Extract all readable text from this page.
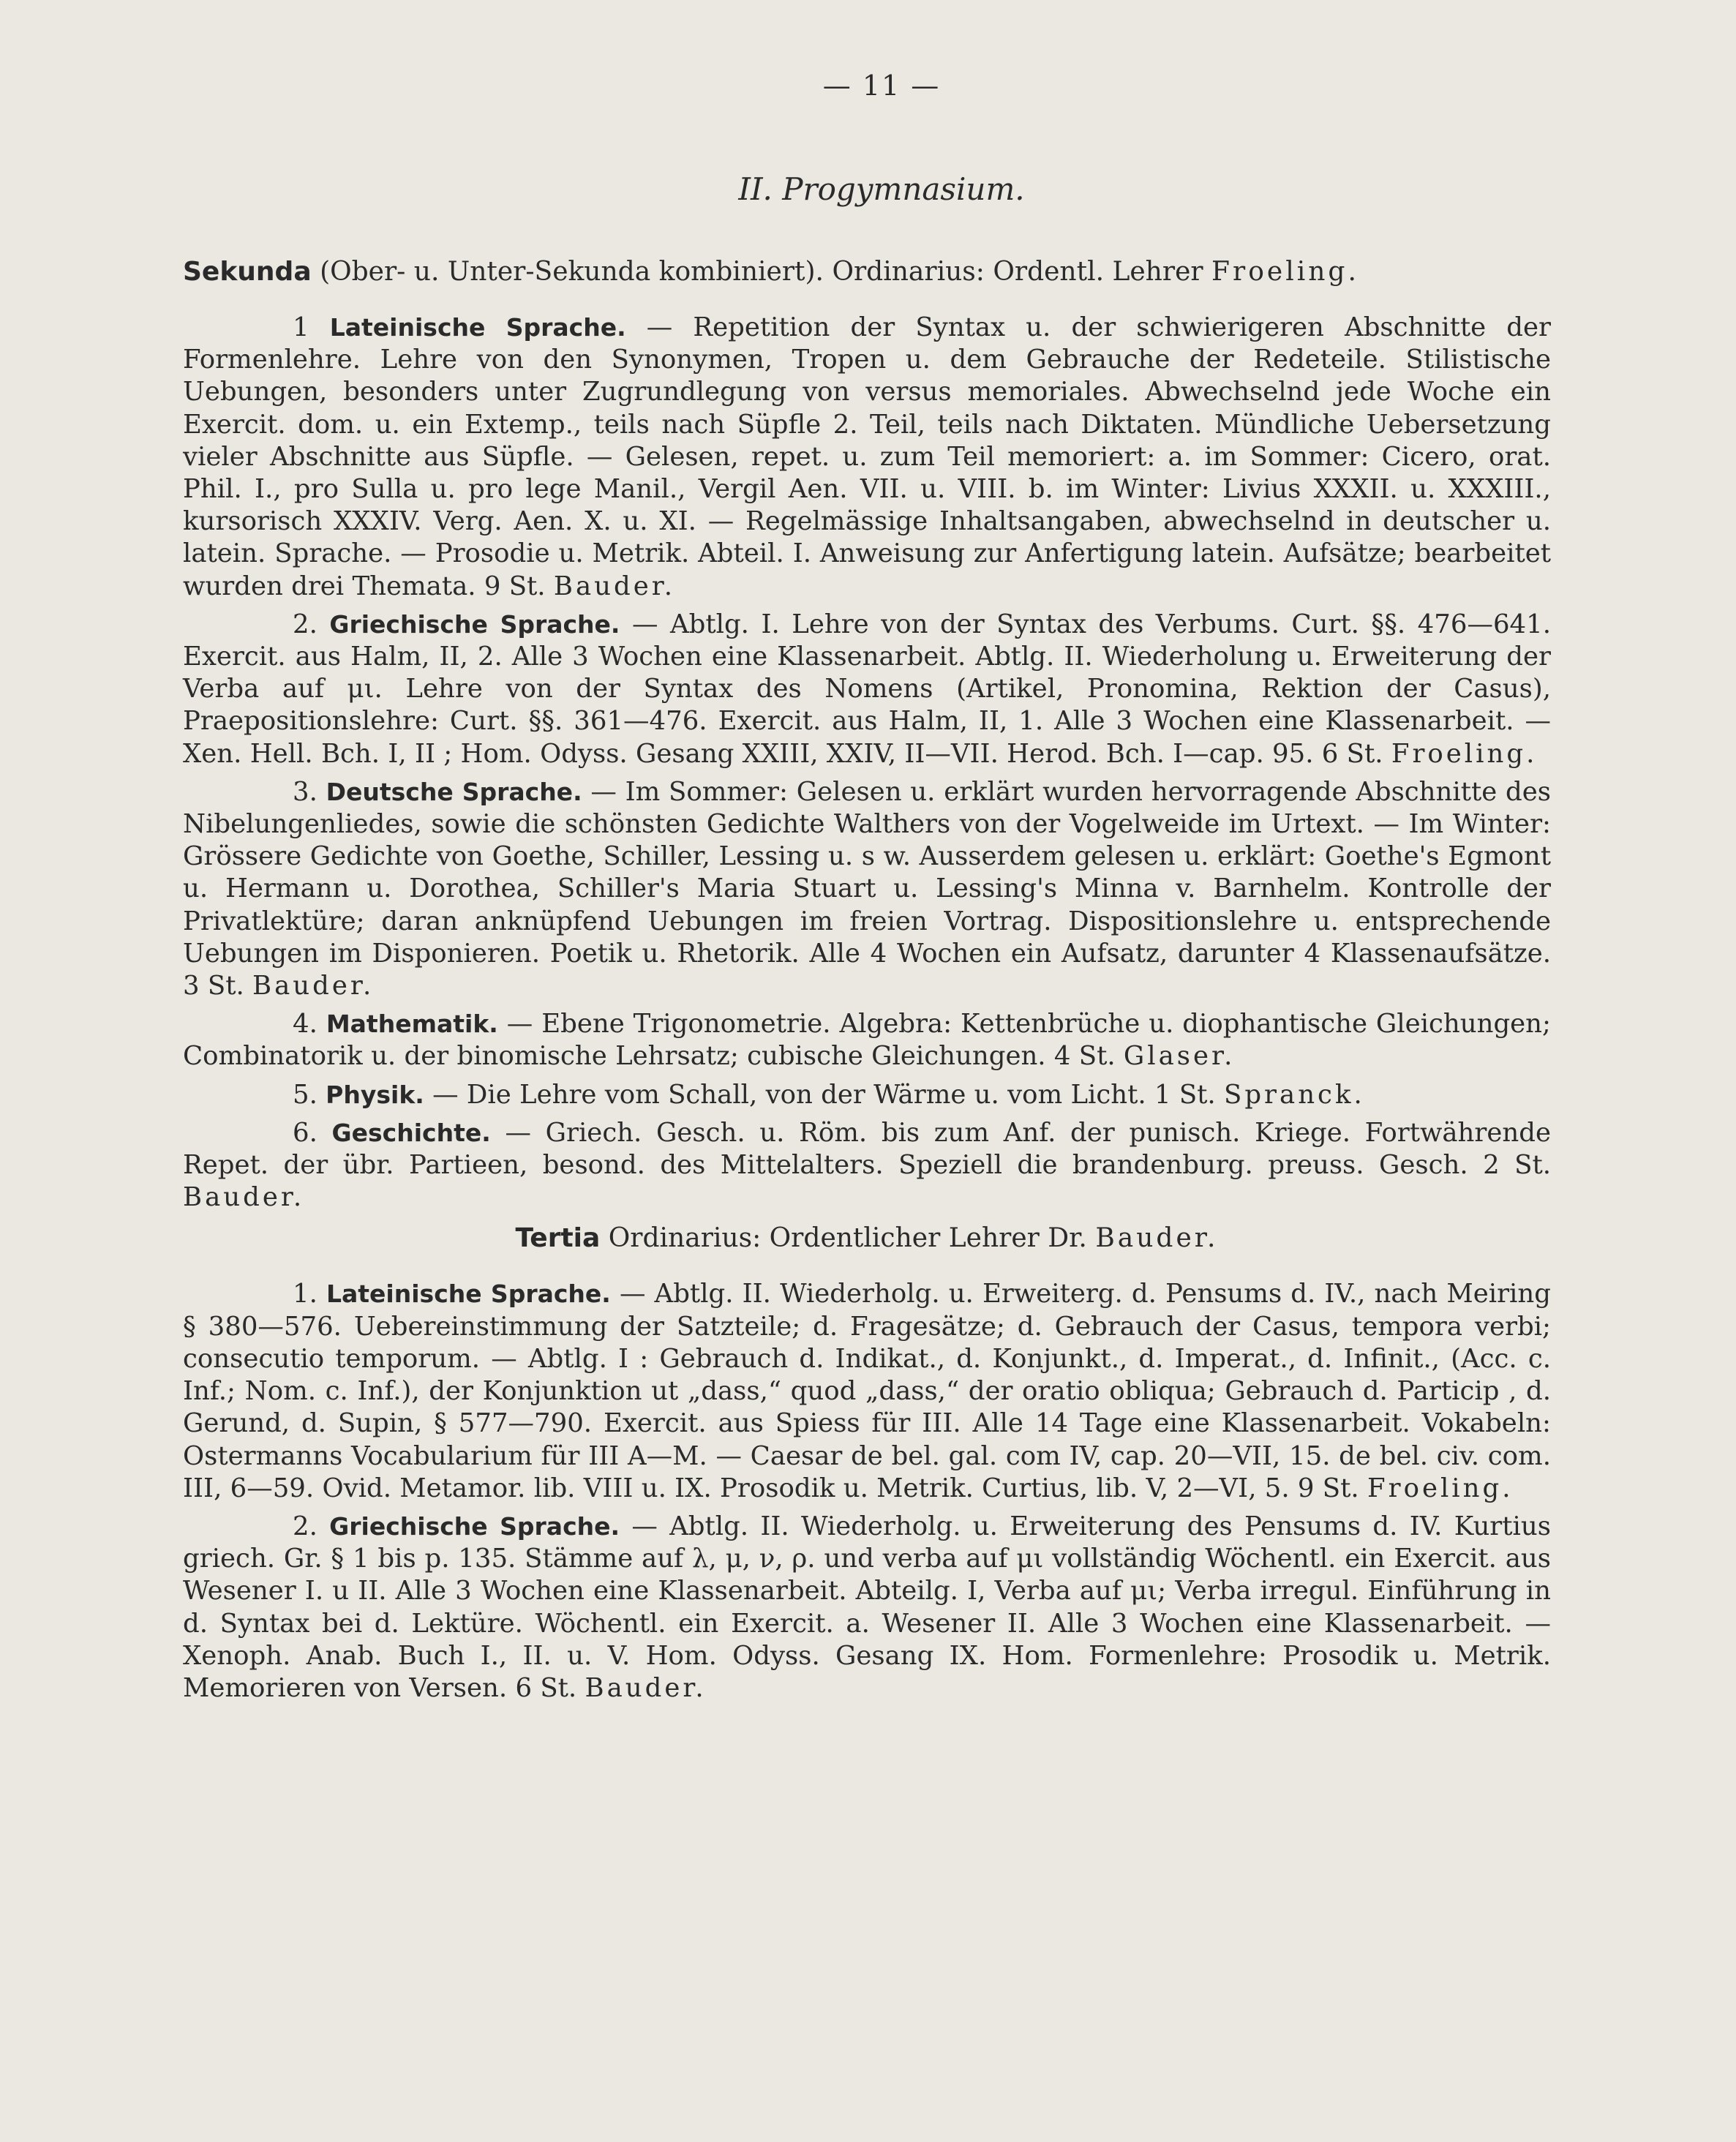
— 11 —
II. Progymnasium.
Sekunda (Ober- u. Unter-Sekunda kombiniert). Ordinarius: Ordentl. Lehrer Froeling.

1 Lateinische Sprache. — Repetition der Syntax u. der schwierigeren Abschnitte der Formenlehre. Lehre von den Synonymen, Tropen u. dem Gebrauche der Redeteile. Stilistische Uebungen, besonders unter Zugrundlegung von versus memoriales. Abwechselnd jede Woche ein Exercit. dom. u. ein Extemp., teils nach Süpfle 2. Teil, teils nach Diktaten. Mündliche Uebersetzung vieler Abschnitte aus Süpfle. — Gelesen, repet. u. zum Teil memoriert: a. im Sommer: Cicero, orat. Phil. I., pro Sulla u. pro lege Manil., Vergil Aen. VII. u. VIII. b. im Winter: Livius XXXII. u. XXXIII., kursorisch XXXIV. Verg. Aen. X. u. XI. — Regelmässige Inhaltsangaben, abwechselnd in deutscher u. latein. Sprache. — Prosodie u. Metrik. Abteil. I. Anweisung zur Anfertigung latein. Aufsätze; bearbeitet wurden drei Themata. 9 St. Bauder.

2. Griechische Sprache. — Abtlg. I. Lehre von der Syntax des Verbums. Curt. §§. 476—641. Exercit. aus Halm, II, 2. Alle 3 Wochen eine Klassenarbeit. Abtlg. II. Wiederholung u. Erweiterung der Verba auf μι. Lehre von der Syntax des Nomens (Artikel, Pronomina, Rektion der Casus), Praepositionslehre: Curt. §§. 361—476. Exercit. aus Halm, II, 1. Alle 3 Wochen eine Klassenarbeit. — Xen. Hell. Bch. I, II ; Hom. Odyss. Gesang XXIII, XXIV, II—VII. Herod. Bch. I—cap. 95. 6 St. Froeling.

3. Deutsche Sprache. — Im Sommer: Gelesen u. erklärt wurden hervorragende Abschnitte des Nibelungenliedes, sowie die schönsten Gedichte Walthers von der Vogelweide im Urtext. — Im Winter: Grössere Gedichte von Goethe, Schiller, Lessing u. s w. Ausserdem gelesen u. erklärt: Goethe's Egmont u. Hermann u. Dorothea, Schiller's Maria Stuart u. Lessing's Minna v. Barnhelm. Kontrolle der Privatlektüre; daran anknüpfend Uebungen im freien Vortrag. Dispositionslehre u. entsprechende Uebungen im Disponieren. Poetik u. Rhetorik. Alle 4 Wochen ein Aufsatz, darunter 4 Klassenaufsätze. 3 St. Bauder.

4. Mathematik. — Ebene Trigonometrie. Algebra: Kettenbrüche u. diophantische Gleichungen; Combinatorik u. der binomische Lehrsatz; cubische Gleichungen. 4 St. Glaser.

5. Physik. — Die Lehre vom Schall, von der Wärme u. vom Licht. 1 St. Spranck.

6. Geschichte. — Griech. Gesch. u. Röm. bis zum Anf. der punisch. Kriege. Fortwährende Repet. der übr. Partieen, besond. des Mittelalters. Speziell die brandenburg. preuss. Gesch. 2 St. Bauder.

Tertia Ordinarius: Ordentlicher Lehrer Dr. Bauder.

1. Lateinische Sprache. — Abtlg. II. Wiederholg. u. Erweiterg. d. Pensums d. IV., nach Meiring § 380—576. Uebereinstimmung der Satzteile; d. Fragesätze; d. Gebrauch der Casus, tempora verbi; consecutio temporum. — Abtlg. I : Gebrauch d. Indikat., d. Konjunkt., d. Imperat., d. Infinit., (Acc. c. Inf.; Nom. c. Inf.), der Konjunktion ut „dass,“ quod „dass,“ der oratio obliqua; Gebrauch d. Particip , d. Gerund, d. Supin, § 577—790. Exercit. aus Spiess für III. Alle 14 Tage eine Klassenarbeit. Vokabeln: Ostermanns Vocabularium für III A—M. — Caesar de bel. gal. com IV, cap. 20—VII, 15. de bel. civ. com. III, 6—59. Ovid. Metamor. lib. VIII u. IX. Prosodik u. Metrik. Curtius, lib. V, 2—VI, 5. 9 St. Froeling.

2. Griechische Sprache. — Abtlg. II. Wiederholg. u. Erweiterung des Pensums d. IV. Kurtius griech. Gr. § 1 bis p. 135. Stämme auf λ, μ, ν, ρ. und verba auf μι vollständig Wöchentl. ein Exercit. aus Wesener I. u II. Alle 3 Wochen eine Klassenarbeit. Abteilg. I, Verba auf μι; Verba irregul. Einführung in d. Syntax bei d. Lektüre. Wöchentl. ein Exercit. a. Wesener II. Alle 3 Wochen eine Klassenarbeit. — Xenoph. Anab. Buch I., II. u. V. Hom. Odyss. Gesang IX. Hom. Formenlehre: Prosodik u. Metrik. Memorieren von Versen. 6 St. Bauder.
